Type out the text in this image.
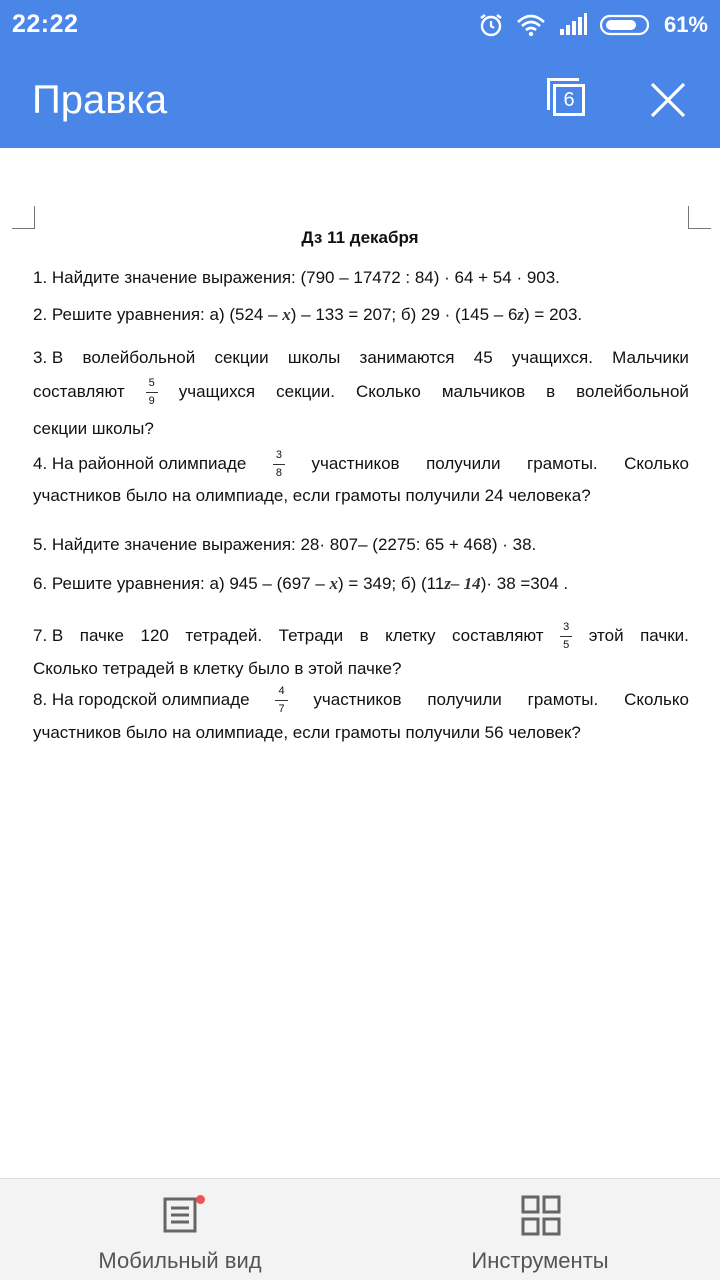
22:22	61%
Правка	6
Дз 11 декабря
1. Найдите значение выражения: (790 – 17472 : 84) · 64 + 54 · 903.
2. Решите уравнения: а) (524 – x) – 133 = 207; б) 29 · (145 – 6z) = 203.
3. В волейбольной секции школы занимаются 45 учащихся. Мальчики
составляют $\frac{5}{9}$ учащихся секции. Сколько мальчиков в волейбольной
секции школы?
4. На районной олимпиаде $\frac{3}{8}$ участников получили грамоты. Сколько
участников было на олимпиаде, если грамоты получили 24 человека?
5. Найдите значение выражения: 28· 807– (2275: 65 + 468) · 38.
6. Решите уравнения: а) 945 – (697 – x) = 349; б) (11z– 14)· 38 =304 .
7. В пачке 120 тетрадей. Тетради в клетку составляют $\frac{3}{5}$ этой пачки.
Сколько тетрадей в клетку было в этой пачке?
8. На городской олимпиаде $\frac{4}{7}$ участников получили грамоты. Сколько
участников было на олимпиаде, если грамоты получили 56 человек?
Мобильный вид	Инструменты
